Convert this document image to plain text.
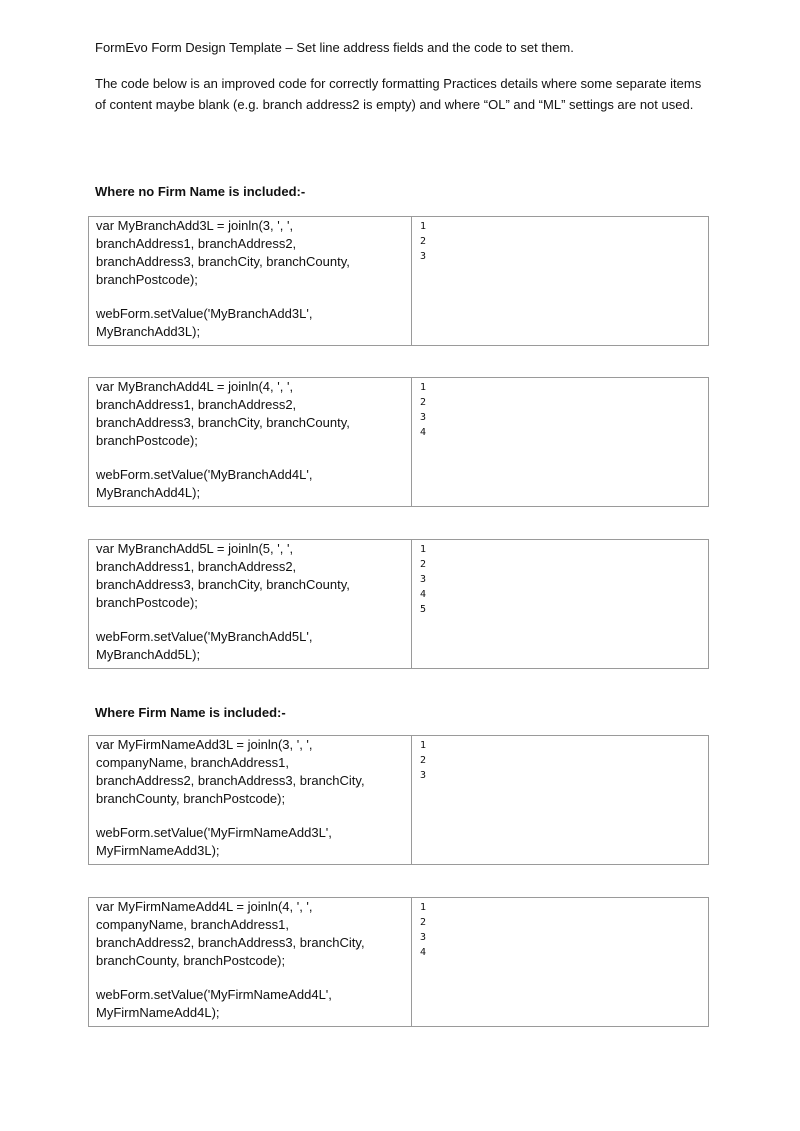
FormEvo Form Design Template – Set line address fields and the code to set them.
The code below is an improved code for correctly formatting Practices details where some separate items of content maybe blank (e.g. branch address2 is empty) and where “OL” and “ML” settings are not used.
Where no Firm Name is included:-
var MyBranchAdd3L = joinln(3, ', ',
branchAddress1, branchAddress2,
branchAddress3, branchCity, branchCounty,
branchPostcode);
webForm.setValue('MyBranchAdd3L',
MyBranchAdd3L);

1
2
3
var MyBranchAdd4L = joinln(4, ', ',
branchAddress1, branchAddress2,
branchAddress3, branchCity, branchCounty,
branchPostcode);
webForm.setValue('MyBranchAdd4L',
MyBranchAdd4L);

1
2
3
4
var MyBranchAdd5L = joinln(5, ', ',
branchAddress1, branchAddress2,
branchAddress3, branchCity, branchCounty,
branchPostcode);
webForm.setValue('MyBranchAdd5L',
MyBranchAdd5L);

1
2
3
4
5
Where Firm Name is included:-
var MyFirmNameAdd3L = joinln(3, ', ',
companyName, branchAddress1,
branchAddress2, branchAddress3, branchCity,
branchCounty, branchPostcode);
webForm.setValue('MyFirmNameAdd3L',
MyFirmNameAdd3L);

1
2
3
var MyFirmNameAdd4L = joinln(4, ', ',
companyName, branchAddress1,
branchAddress2, branchAddress3, branchCity,
branchCounty, branchPostcode);
webForm.setValue('MyFirmNameAdd4L',
MyFirmNameAdd4L);

1
2
3
4
